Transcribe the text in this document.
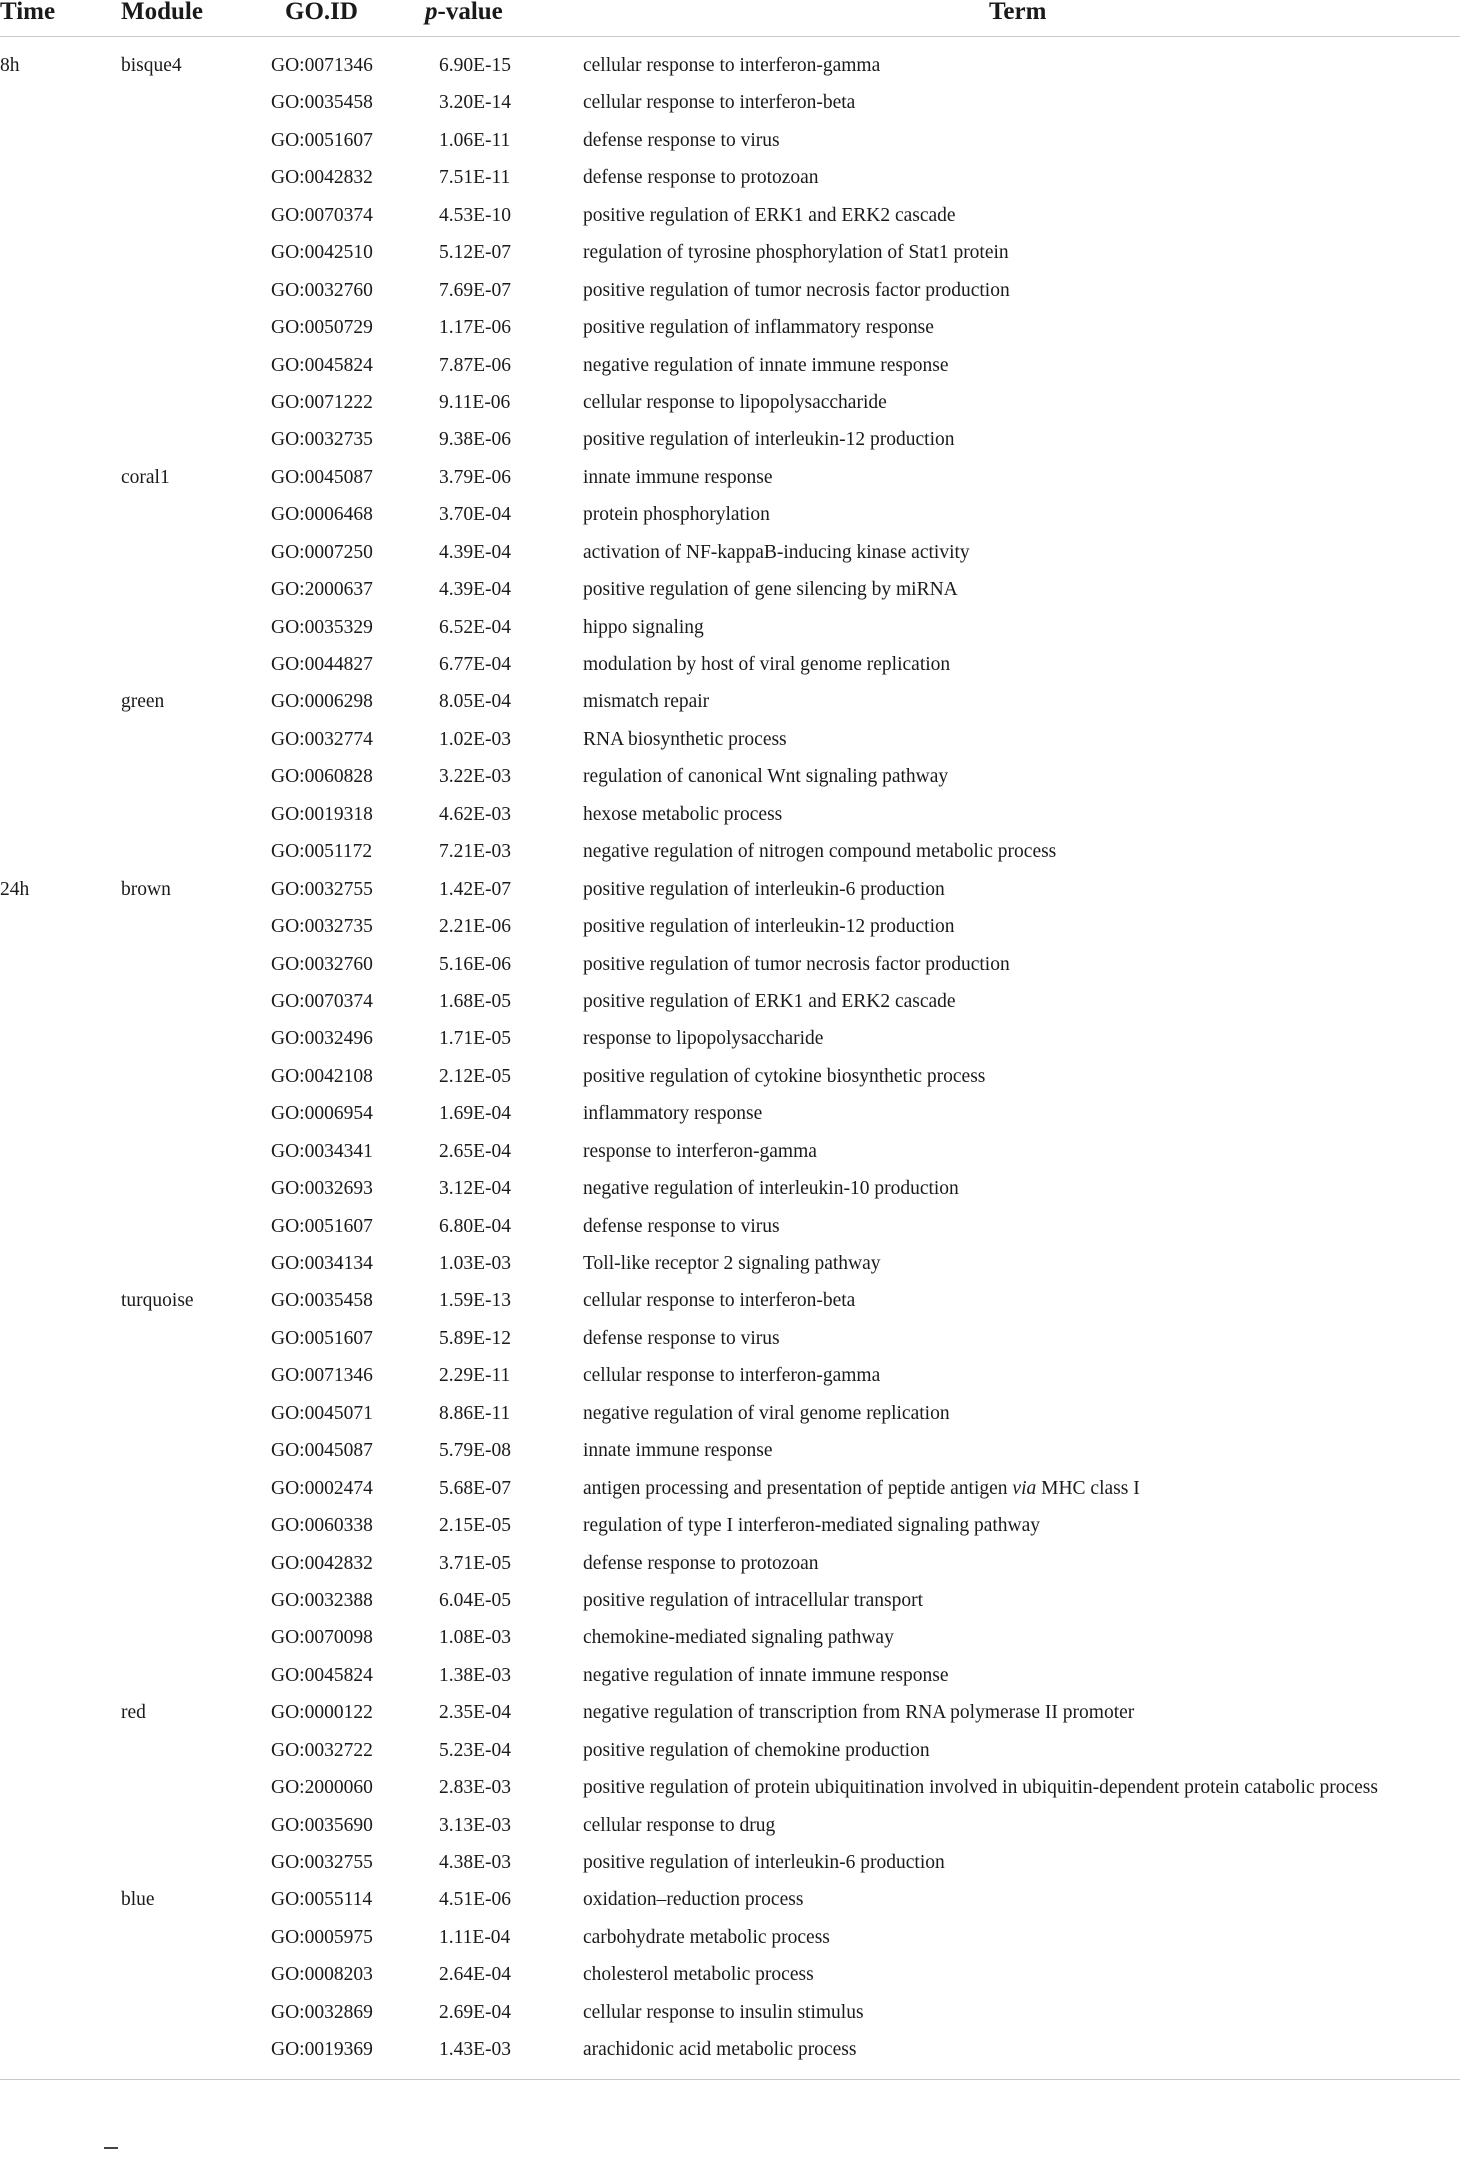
Time	Module	GO.ID	p-value	Term
8h	bisque4	GO:0071346	6.90E-15	cellular response to interferon-gamma
GO:0035458	3.20E-14	cellular response to interferon-beta
GO:0051607	1.06E-11	defense response to virus
GO:0042832	7.51E-11	defense response to protozoan
GO:0070374	4.53E-10	positive regulation of ERK1 and ERK2 cascade
GO:0042510	5.12E-07	regulation of tyrosine phosphorylation of Stat1 protein
GO:0032760	7.69E-07	positive regulation of tumor necrosis factor production
GO:0050729	1.17E-06	positive regulation of inflammatory response
GO:0045824	7.87E-06	negative regulation of innate immune response
GO:0071222	9.11E-06	cellular response to lipopolysaccharide
GO:0032735	9.38E-06	positive regulation of interleukin-12 production
coral1	GO:0045087	3.79E-06	innate immune response
GO:0006468	3.70E-04	protein phosphorylation
GO:0007250	4.39E-04	activation of NF-kappaB-inducing kinase activity
GO:2000637	4.39E-04	positive regulation of gene silencing by miRNA
GO:0035329	6.52E-04	hippo signaling
GO:0044827	6.77E-04	modulation by host of viral genome replication
green	GO:0006298	8.05E-04	mismatch repair
GO:0032774	1.02E-03	RNA biosynthetic process
GO:0060828	3.22E-03	regulation of canonical Wnt signaling pathway
GO:0019318	4.62E-03	hexose metabolic process
GO:0051172	7.21E-03	negative regulation of nitrogen compound metabolic process
24h	brown	GO:0032755	1.42E-07	positive regulation of interleukin-6 production
GO:0032735	2.21E-06	positive regulation of interleukin-12 production
GO:0032760	5.16E-06	positive regulation of tumor necrosis factor production
GO:0070374	1.68E-05	positive regulation of ERK1 and ERK2 cascade
GO:0032496	1.71E-05	response to lipopolysaccharide
GO:0042108	2.12E-05	positive regulation of cytokine biosynthetic process
GO:0006954	1.69E-04	inflammatory response
GO:0034341	2.65E-04	response to interferon-gamma
GO:0032693	3.12E-04	negative regulation of interleukin-10 production
GO:0051607	6.80E-04	defense response to virus
GO:0034134	1.03E-03	Toll-like receptor 2 signaling pathway
turquoise	GO:0035458	1.59E-13	cellular response to interferon-beta
GO:0051607	5.89E-12	defense response to virus
GO:0071346	2.29E-11	cellular response to interferon-gamma
GO:0045071	8.86E-11	negative regulation of viral genome replication
GO:0045087	5.79E-08	innate immune response
GO:0002474	5.68E-07	antigen processing and presentation of peptide antigen via MHC class I
GO:0060338	2.15E-05	regulation of type I interferon-mediated signaling pathway
GO:0042832	3.71E-05	defense response to protozoan
GO:0032388	6.04E-05	positive regulation of intracellular transport
GO:0070098	1.08E-03	chemokine-mediated signaling pathway
GO:0045824	1.38E-03	negative regulation of innate immune response
red	GO:0000122	2.35E-04	negative regulation of transcription from RNA polymerase II promoter
GO:0032722	5.23E-04	positive regulation of chemokine production
GO:2000060	2.83E-03	positive regulation of protein ubiquitination involved in ubiquitin-dependent protein catabolic process
GO:0035690	3.13E-03	cellular response to drug
GO:0032755	4.38E-03	positive regulation of interleukin-6 production
blue	GO:0055114	4.51E-06	oxidation–reduction process
GO:0005975	1.11E-04	carbohydrate metabolic process
GO:0008203	2.64E-04	cholesterol metabolic process
GO:0032869	2.69E-04	cellular response to insulin stimulus
GO:0019369	1.43E-03	arachidonic acid metabolic process
